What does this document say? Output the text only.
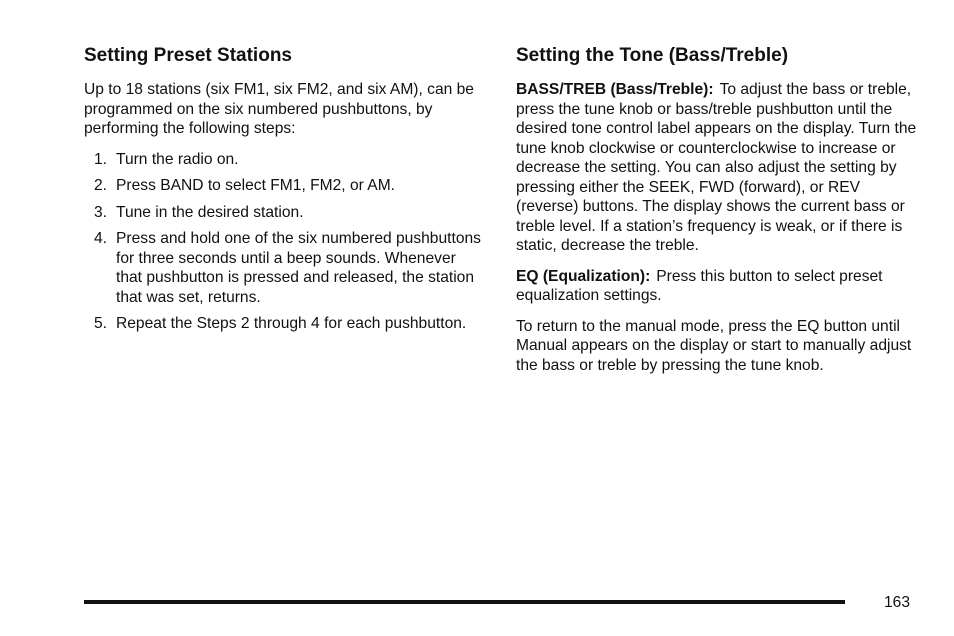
Setting Preset Stations

Up to 18 stations (six FM1, six FM2, and six AM), can be programmed on the six numbered pushbuttons, by performing the following steps:

1. Turn the radio on.
2. Press BAND to select FM1, FM2, or AM.
3. Tune in the desired station.
4. Press and hold one of the six numbered pushbuttons for three seconds until a beep sounds. Whenever that pushbutton is pressed and released, the station that was set, returns.
5. Repeat the Steps 2 through 4 for each pushbutton.
Setting the Tone (Bass/Treble)

BASS/TREB (Bass/Treble): To adjust the bass or treble, press the tune knob or bass/treble pushbutton until the desired tone control label appears on the display. Turn the tune knob clockwise or counterclockwise to increase or decrease the setting. You can also adjust the setting by pressing either the SEEK, FWD (forward), or REV (reverse) buttons. The display shows the current bass or treble level. If a station’s frequency is weak, or if there is static, decrease the treble.

EQ (Equalization): Press this button to select preset equalization settings.

To return to the manual mode, press the EQ button until Manual appears on the display or start to manually adjust the bass or treble by pressing the tune knob.

163
